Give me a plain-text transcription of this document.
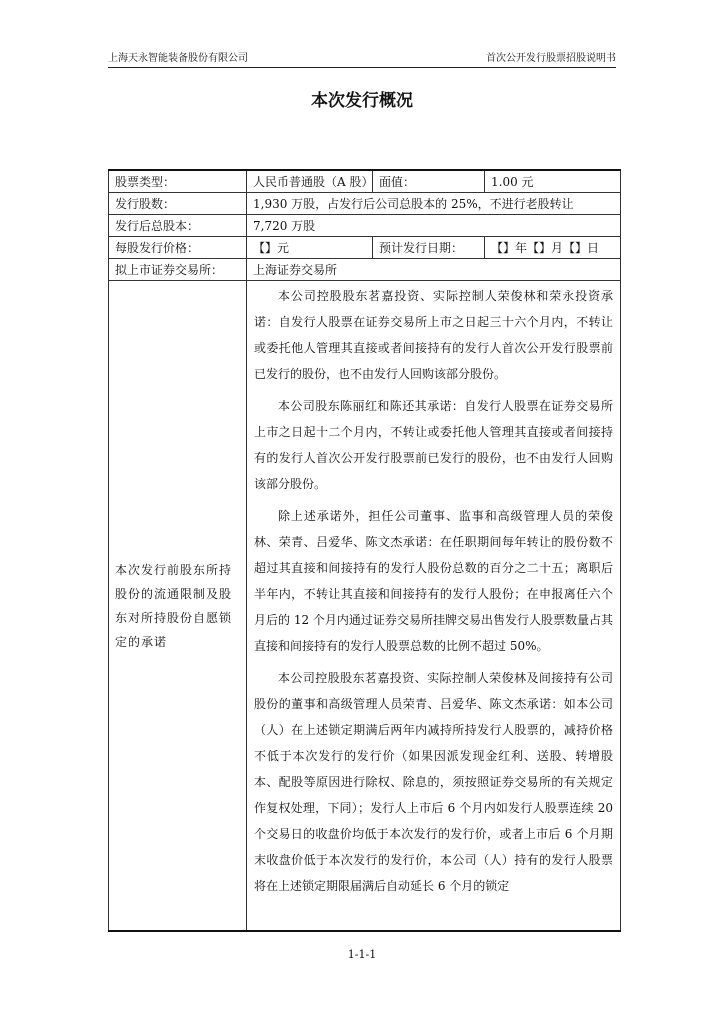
上海天永智能装备股份有限公司	首次公开发行股票招股说明书
本次发行概况
股票类型：	人民币普通股（A 股）	面值：	1.00 元
发行股数：	1,930 万股，占发行后公司总股本的 25%，不进行老股转让		
发行后总股本：	7,720 万股		
每股发行价格：	【】元	预计发行日期：	【】年【】月【】日
拟上市证券交易所：	上海证券交易所		
本次发行前股东所持股份的流通限制及股东对所持股份自愿锁定的承诺	本公司控股股东茗嘉投资、实际控制人荣俊林和荣永投资承诺：自发行人股票在证券交易所上市之日起三十六个月内，不转让或委托他人管理其直接或者间接持有的发行人首次公开发行股票前已发行的股份，也不由发行人回购该部分股份。

本公司股东陈丽红和陈还其承诺：自发行人股票在证券交易所上市之日起十二个月内，不转让或委托他人管理其直接或者间接持有的发行人首次公开发行股票前已发行的股份，也不由发行人回购该部分股份。

除上述承诺外，担任公司董事、监事和高级管理人员的荣俊林、荣青、吕爱华、陈文杰承诺：在任职期间每年转让的股份数不超过其直接和间接持有的发行人股份总数的百分之二十五；离职后半年内，不转让其直接和间接持有的发行人股份；在申报离任六个月后的 12 个月内通过证券交易所挂牌交易出售发行人股票数量占其直接和间接持有的发行人股票总数的比例不超过 50%。

本公司控股股东茗嘉投资、实际控制人荣俊林及间接持有公司股份的董事和高级管理人员荣青、吕爱华、陈文杰承诺：如本公司（人）在上述锁定期满后两年内减持所持发行人股票的，减持价格不低于本次发行的发行价（如果因派发现金红利、送股、转增股本、配股等原因进行除权、除息的，须按照证券交易所的有关规定作复权处理，下同）；发行人上市后 6 个月内如发行人股票连续 20 个交易日的收盘价均低于本次发行的发行价，或者上市后 6 个月期末收盘价低于本次发行的发行价，本公司（人）持有的发行人股票将在上述锁定期限届满后自动延长 6 个月的锁定		

1-1-1
